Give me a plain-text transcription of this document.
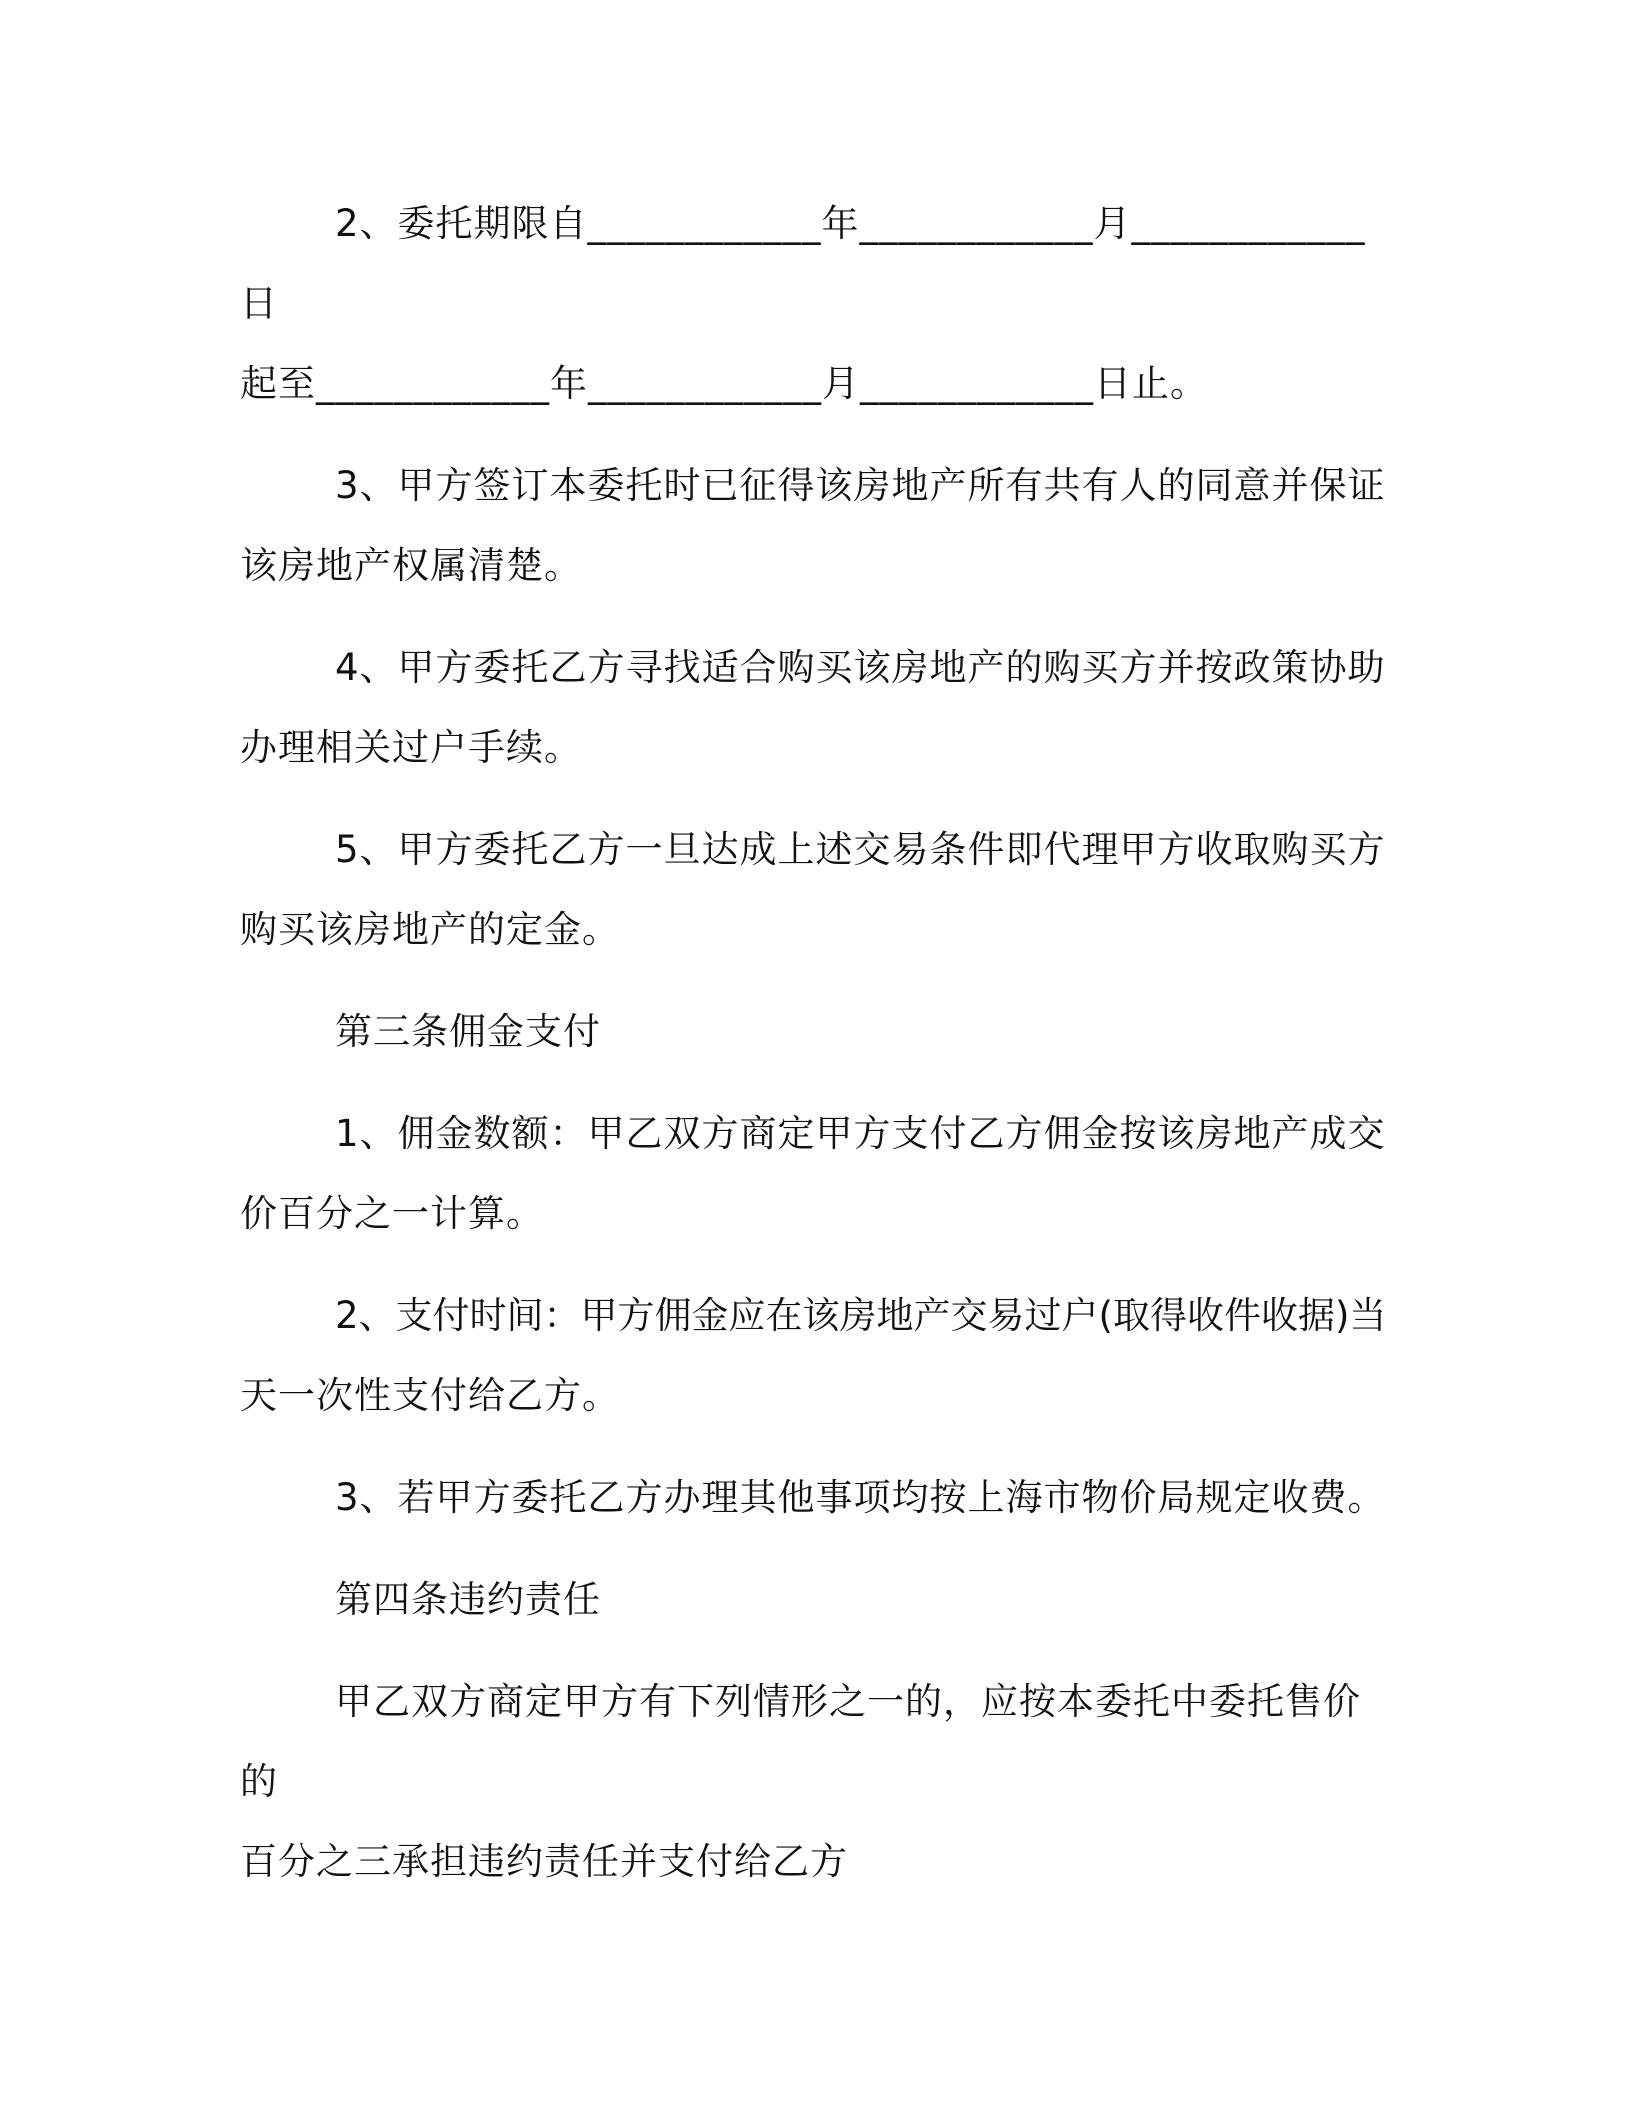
2、委托期限自____________年____________月____________日
起至____________年____________月____________日止。

3、甲方签订本委托时已征得该房地产所有共有人的同意并保证
该房地产权属清楚。

4、甲方委托乙方寻找适合购买该房地产的购买方并按政策协助
办理相关过户手续。

5、甲方委托乙方一旦达成上述交易条件即代理甲方收取购买方
购买该房地产的定金。

第三条佣金支付

1、佣金数额：甲乙双方商定甲方支付乙方佣金按该房地产成交
价百分之一计算。

2、支付时间：甲方佣金应在该房地产交易过户(取得收件收据)当
天一次性支付给乙方。

3、若甲方委托乙方办理其他事项均按上海市物价局规定收费。

第四条违约责任

甲乙双方商定甲方有下列情形之一的，应按本委托中委托售价的
百分之三承担违约责任并支付给乙方
